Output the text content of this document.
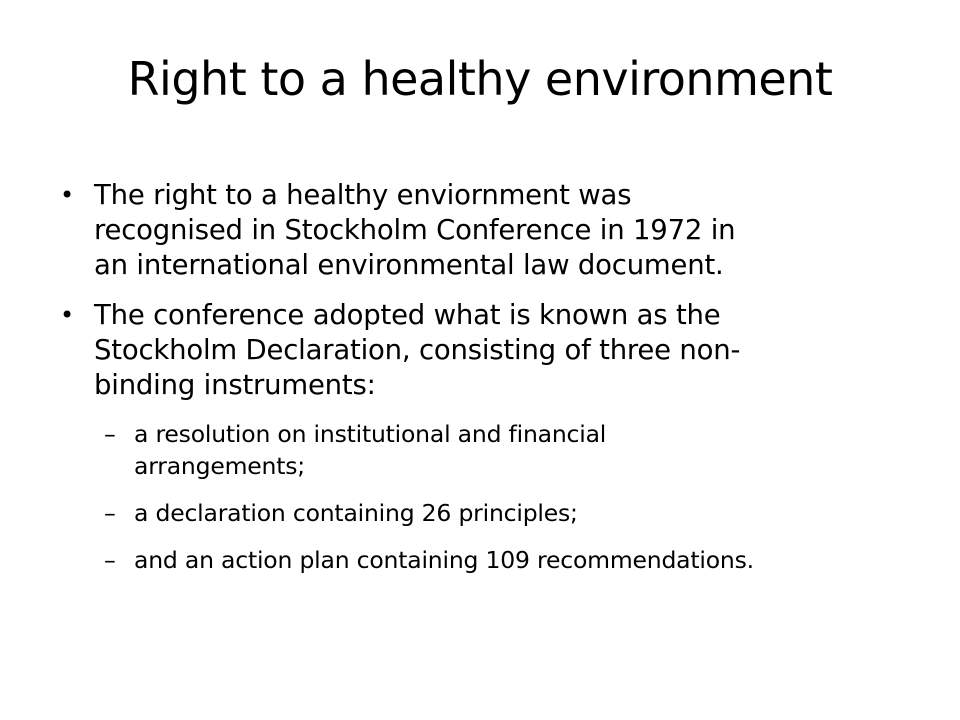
Right to a healthy environment
• The right to a healthy enviornment was
recognised in Stockholm Conference in 1972 in
an international environmental law document.
• The conference adopted what is known as the
Stockholm Declaration, consisting of three non-
binding instruments:
– a resolution on institutional and financial
arrangements;
– a declaration containing 26 principles;
– and an action plan containing 109 recommendations.
